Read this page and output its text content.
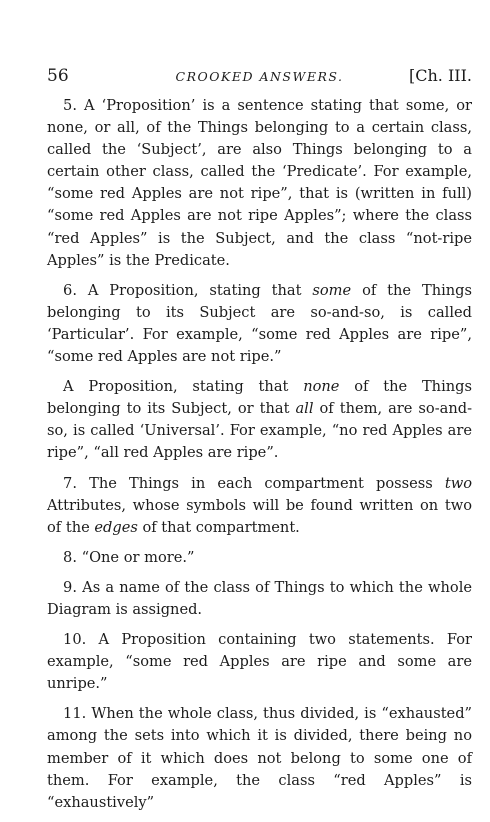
56	CROOKED ANSWERS.	[Ch. III.

5. A ‘Proposition’ is a sentence stating that some, or none, or all, of the Things belonging to a certain class, called the ‘Subject’, are also Things belonging to a certain other class, called the ‘Predicate’. For example, “some red Apples are not ripe”, that is (written in full) “some red Apples are not ripe Apples”; where the class “red Apples” is the Subject, and the class “not-ripe Apples” is the Predicate.

6. A Proposition, stating that some of the Things belonging to its Subject are so-and-so, is called ‘Particular’. For example, “some red Apples are ripe”, “some red Apples are not ripe.”

A Proposition, stating that none of the Things belonging to its Subject, or that all of them, are so-and-so, is called ‘Universal’. For example, “no red Apples are ripe”, “all red Apples are ripe”.

7. The Things in each compartment possess two Attributes, whose symbols will be found written on two of the edges of that compartment.

8. “One or more.”

9. As a name of the class of Things to which the whole Diagram is assigned.

10. A Proposition containing two statements. For example, “some red Apples are ripe and some are unripe.”

11. When the whole class, thus divided, is “exhausted” among the sets into which it is divided, there being no member of it which does not belong to some one of them. For example, the class “red Apples” is “exhaustively”
